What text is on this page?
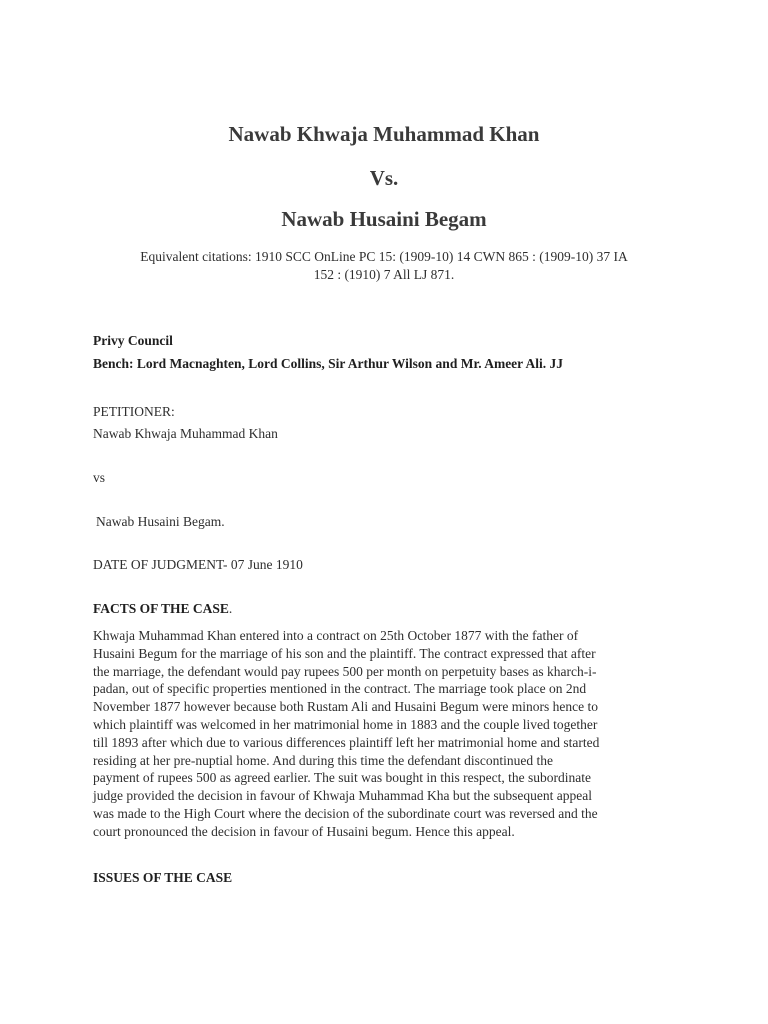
Nawab Khwaja Muhammad Khan
Vs.
Nawab Husaini Begam
Equivalent citations: 1910 SCC OnLine PC 15: (1909-10) 14 CWN 865 : (1909-10) 37 IA
152 : (1910) 7 All LJ 871.

Privy Council

Bench: Lord Macnaghten, Lord Collins, Sir Arthur Wilson and Mr. Ameer Ali. JJ

PETITIONER:

Nawab Khwaja Muhammad Khan

vs

Nawab Husaini Begam.

DATE OF JUDGMENT- 07 June 1910

FACTS OF THE CASE.

Khwaja Muhammad Khan entered into a contract on 25th October 1877 with the father of
Husaini Begum for the marriage of his son and the plaintiff. The contract expressed that after
the marriage, the defendant would pay rupees 500 per month on perpetuity bases as kharch-i-
padan, out of specific properties mentioned in the contract. The marriage took place on 2nd
November 1877 however because both Rustam Ali and Husaini Begum were minors hence to
which plaintiff was welcomed in her matrimonial home in 1883 and the couple lived together
till 1893 after which due to various differences plaintiff left her matrimonial home and started
residing at her pre-nuptial home. And during this time the defendant discontinued the
payment of rupees 500 as agreed earlier. The suit was bought in this respect, the subordinate
judge provided the decision in favour of Khwaja Muhammad Kha but the subsequent appeal
was made to the High Court where the decision of the subordinate court was reversed and the
court pronounced the decision in favour of Husaini begum. Hence this appeal.

ISSUES OF THE CASE
